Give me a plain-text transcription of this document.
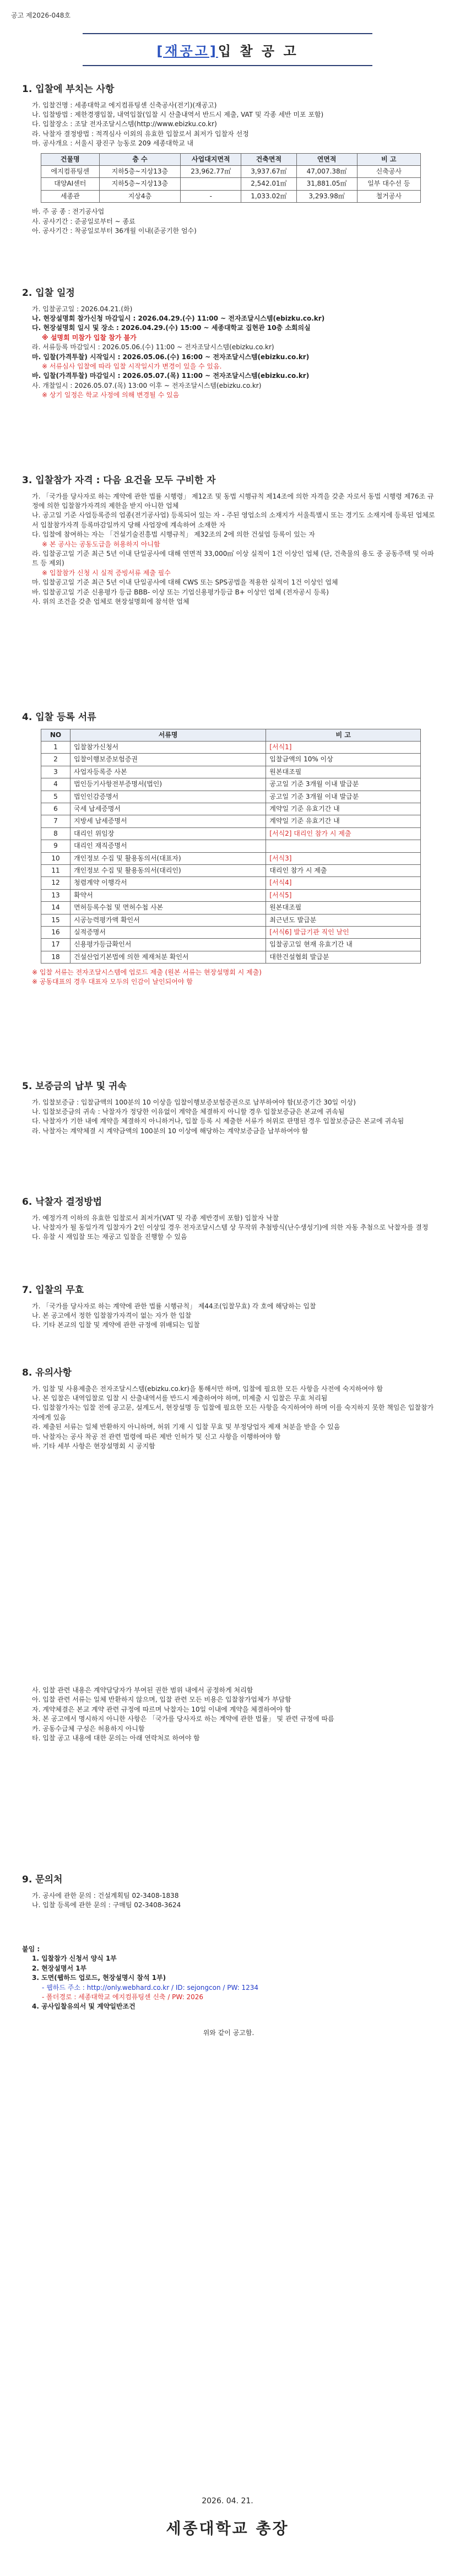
공고 제2026-048호
[재공고]입 찰 공 고
1. 입찰에 부치는 사항

가. 입찰건명 : 세종대학교 에지컴퓨팅센 신축공사(전기)(재공고)

나. 입찰방법 : 제한경쟁입찰, 내역입찰(입찰 시 산출내역서 반드시 제출, VAT 및 각종 세반 미포 포함)

다. 입찰장소 : 조달 전자조달시스템(http://www.ebizku.co.kr)

라. 낙찰자 결정방법 : 적격심사 이외의 유효한 입찰로서 최저가 입찰자 선정

마. 공사개요 : 서울시 광진구 능동로 209 세종대학교 내

건물명	층 수	사업대지면적	건축면적	연면적	비 고
에지컴퓨팅센	지하5층~지상13층	23,962.77㎡	3,937.67㎡	47,007.38㎡	신축공사
대양AI센터	지하5층~지상13층		2,542.01㎡	31,881.05㎡	일부 대수선 등
세종관	지상4층	-	1,033.02㎡	3,293.98㎡	철거공사

바. 주 공 종 : 전기공사업

사. 공사기간 : 준공일로부터 ~ 종료

아. 공사기간 : 착공일로부터 36개월 이내(준공기한 엄수)

2. 입찰 일정

가. 입찰공고일 : 2026.04.21.(화)

나. 현장설명회 참가신청 마감일시 : 2026.04.29.(수) 11:00 ~ 전자조달시스템(ebizku.co.kr)

다. 현장설명회 일시 및 장소 : 2026.04.29.(수) 15:00 ~ 세종대학교 집현관 10층 소회의실

※ 설명회 미참가 입찰 참가 불가

라. 서류등록 마감일시 : 2026.05.06.(수) 11:00 ~ 전자조달시스템(ebizku.co.kr)

마. 입찰(가격투찰) 시작일시 : 2026.05.06.(수) 16:00 ~ 전자조달시스템(ebizku.co.kr)

※ 서류심사 입찰에 따라 입찰 시작일시가 변경이 있을 수 있음.

바. 입찰(가격투찰) 마감일시 : 2026.05.07.(목) 11:00 ~ 전자조달시스템(ebizku.co.kr)

사. 개찰일시 : 2026.05.07.(목) 13:00 이후 ~ 전자조달시스템(ebizku.co.kr)

※ 상기 일정은 학교 사정에 의해 변경될 수 있음

3. 입찰참가 자격 : 다음 요건을 모두 구비한 자

가. 「국가를 당사자로 하는 계약에 관한 법률 시행령」 제12조 및 동법 시행규칙 제14조에 의한 자격을 갖춘 자로서 동법 시행령 제76조 규정에 의한 입찰참가자격의 제한을 받지 아니한 업체

나. 공고일 기준 사업등록증의 업종(전기공사업) 등록되어 있는 자 - 주된 영업소의 소재지가 서울특별시 또는 경기도 소재지에 등록된 업체로서 입찰참가자격 등록마감일까지 당해 사업장에 계속하여 소재한 자

다. 입찰에 참여하는 자는 「건설기술진흥법 시행규칙」 제32조의 2에 의한 건설업 등록이 있는 자

※ 본 공사는 공동도급을 허용하지 아니함

라. 입찰공고일 기준 최근 5년 이내 단일공사에 대해 연면적 33,000㎡ 이상 실적이 1건 이상인 업체 (단, 건축물의 용도 중 공동주택 및 아파트 등 제외)

※ 입찰참가 신청 시 실적 증빙서류 제출 필수

마. 입찰공고일 기준 최근 5년 이내 단일공사에 대해 CWS 또는 SPS공법을 적용한 실적이 1건 이상인 업체

바. 입찰공고일 기준 신용평가 등급 BBB- 이상 또는 기업신용평가등급 B+ 이상인 업체 (전자공시 등록)

사. 위의 조건을 갖춘 업체로 현장설명회에 참석한 업체

4. 입찰 등록 서류
NO	서류명	비 고
1	입찰참가신청서	[서식1]
2	입찰이행보증보험증권	입찰금액의 10% 이상
3	사업자등록증 사본	원본대조필
4	법인등기사항전부증명서(법인)	공고일 기준 3개월 이내 발급분
5	법인인감증명서	공고일 기준 3개월 이내 발급분
6	국세 납세증명서	계약일 기준 유효기간 내
7	지방세 납세증명서	계약일 기준 유효기간 내
8	대리인 위임장	[서식2] 대리인 참가 시 제출
9	대리인 재직증명서	
10	개인정보 수집 및 활용동의서(대표자)	[서식3]
11	개인정보 수집 및 활용동의서(대리인)	대리인 참가 시 제출
12	청렴계약 이행각서	[서식4]
13	확약서	[서식5]
14	면허등록수첩 및 면허수첩 사본	원본대조필
15	시공능력평가액 확인서	최근년도 발급분
16	실적증명서	[서식6] 발급기관 직인 날인
17	신용평가등급확인서	입찰공고일 현재 유효기간 내
18	건설산업기본법에 의한 제재처분 확인서	대한건설협회 발급분

※ 입찰 서류는 전자조달시스템에 업로드 제출 (원본 서류는 현장설명회 시 제출)

※ 공동대표의 경우 대표자 모두의 인감이 날인되어야 함

5. 보증금의 납부 및 귀속

가. 입찰보증금 : 입찰금액의 100분의 10 이상을 입찰이행보증보험증권으로 납부하여야 함(보증기간 30일 이상)

나. 입찰보증금의 귀속 : 낙찰자가 정당한 이유없이 계약을 체결하지 아니할 경우 입찰보증금은 본교에 귀속됨

다. 낙찰자가 기한 내에 계약을 체결하지 아니하거나, 입찰 등록 시 제출한 서류가 허위로 판명된 경우 입찰보증금은 본교에 귀속됨

라. 낙찰자는 계약체결 시 계약금액의 100분의 10 이상에 해당하는 계약보증금을 납부하여야 함

6. 낙찰자 결정방법

가. 예정가격 이하의 유효한 입찰로서 최저가(VAT 및 각종 제반경비 포함) 입찰자 낙찰

나. 낙찰자가 될 동일가격 입찰자가 2인 이상일 경우 전자조달시스템 상 무작위 추첨방식(난수생성기)에 의한 자동 추첨으로 낙찰자를 결정

다. 유찰 시 재입찰 또는 재공고 입찰을 진행할 수 있음

7. 입찰의 무효

가. 「국가를 당사자로 하는 계약에 관한 법률 시행규칙」 제44조(입찰무효) 각 호에 해당하는 입찰

나. 본 공고에서 정한 입찰참가자격이 없는 자가 한 입찰

다. 기타 본교의 입찰 및 계약에 관한 규정에 위배되는 입찰

8. 유의사항

가. 입찰 및 사용제출은 전자조달시스템(ebizku.co.kr)을 통해서만 하며, 입찰에 필요한 모든 사항을 사전에 숙지하여야 함

나. 본 입찰은 내역입찰로 입찰 시 산출내역서를 반드시 제출하여야 하며, 미제출 시 입찰은 무효 처리됨

다. 입찰참가자는 입찰 전에 공고문, 설계도서, 현장설명 등 입찰에 필요한 모든 사항을 숙지하여야 하며 이를 숙지하지 못한 책임은 입찰참가자에게 있음

라. 제출된 서류는 일체 반환하지 아니하며, 허위 기재 시 입찰 무효 및 부정당업자 제재 처분을 받을 수 있음

마. 낙찰자는 공사 착공 전 관련 법령에 따른 제반 인허가 및 신고 사항을 이행하여야 함

바. 기타 세부 사항은 현장설명회 시 공지함

사. 입찰 관련 내용은 계약담당자가 부여된 권한 범위 내에서 공정하게 처리함

아. 입찰 관련 서류는 일체 반환하지 않으며, 입찰 관련 모든 비용은 입찰참가업체가 부담함

자. 계약체결은 본교 계약 관련 규정에 따르며 낙찰자는 10일 이내에 계약을 체결하여야 함

차. 본 공고에서 명시하지 아니한 사항은 「국가를 당사자로 하는 계약에 관한 법률」 및 관련 규정에 따름

카. 공동수급체 구성은 허용하지 아니함

타. 입찰 공고 내용에 대한 문의는 아래 연락처로 하여야 함

9. 문의처

가. 공사에 관한 문의 : 건설계획팀 02-3408-1838

나. 입찰 등록에 관한 문의 : 구매팀 02-3408-3624

붙임 :

1. 입찰참가 신청서 양식 1부

2. 현장설명서 1부

3. 도면(웹하드 업로드, 현장설명시 참석 1부)

- 웹하드 주소 : http://only.webhard.co.kr / ID: sejongcon / PW: 1234

- 폴더경로 : 세종대학교 에지컴퓨팅센 신축 / PW: 2026

4. 공사입찰유의서 및 계약일반조건

위와 같이 공고함.

2026. 04. 21.
세종대학교 총장
